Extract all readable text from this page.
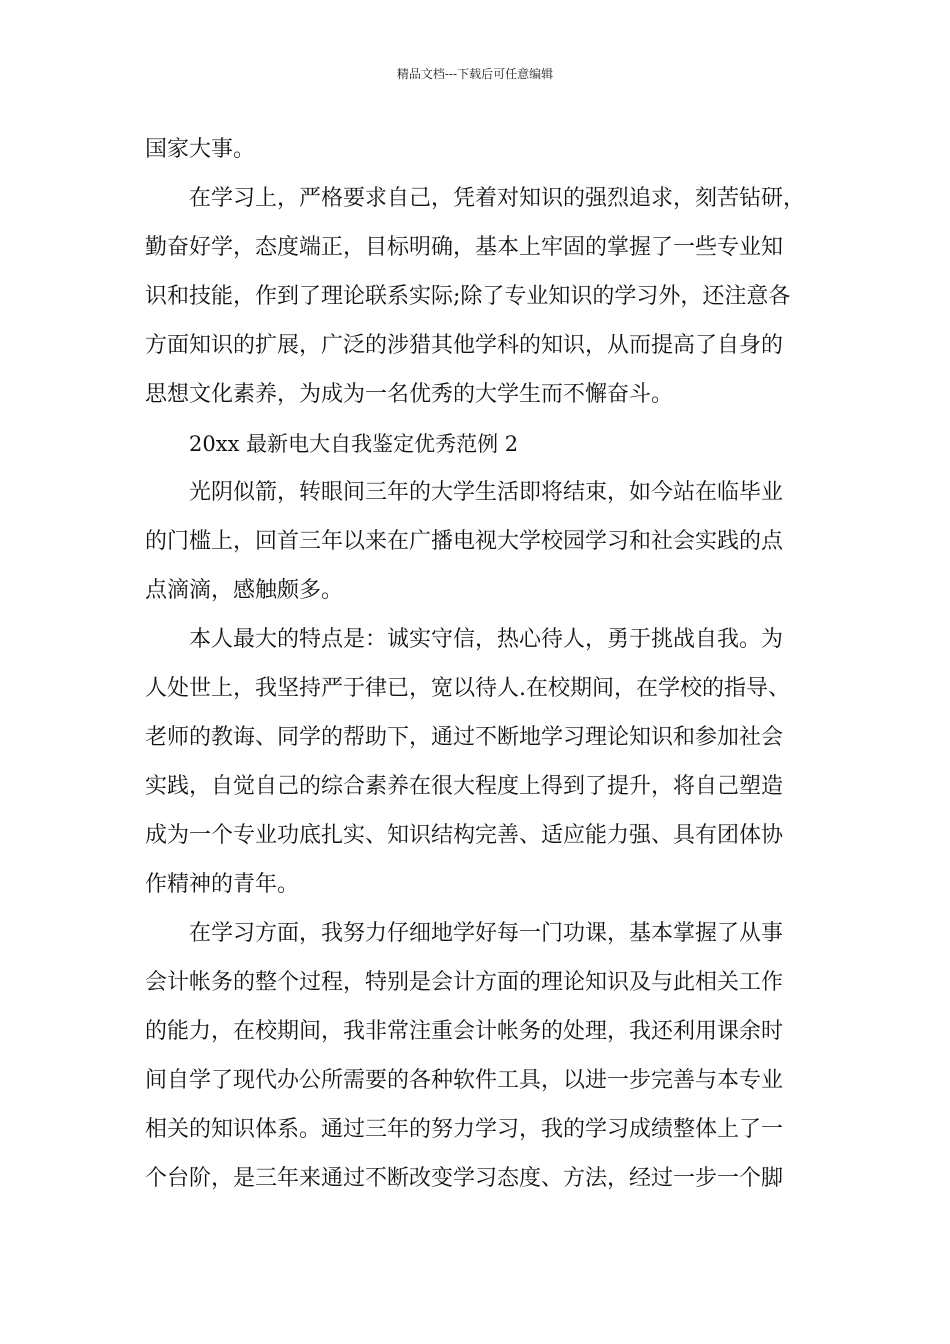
精品文档---下载后可任意编辑
国家大事。
在学习上，严格要求自己，凭着对知识的强烈追求，刻苦钻研，
勤奋好学，态度端正，目标明确，基本上牢固的掌握了一些专业知
识和技能，作到了理论联系实际;除了专业知识的学习外，还注意各
方面知识的扩展，广泛的涉猎其他学科的知识，从而提高了自身的
思想文化素养，为成为一名优秀的大学生而不懈奋斗。
20xx 最新电大自我鉴定优秀范例 2
光阴似箭，转眼间三年的大学生活即将结束，如今站在临毕业
的门槛上，回首三年以来在广播电视大学校园学习和社会实践的点
点滴滴，感触颇多。
本人最大的特点是：诚实守信，热心待人，勇于挑战自我。为
人处世上，我坚持严于律已，宽以待人.在校期间，在学校的指导、
老师的教诲、同学的帮助下，通过不断地学习理论知识和参加社会
实践，自觉自己的综合素养在很大程度上得到了提升，将自己塑造
成为一个专业功底扎实、知识结构完善、适应能力强、具有团体协
作精神的青年。
在学习方面，我努力仔细地学好每一门功课，基本掌握了从事
会计帐务的整个过程，特别是会计方面的理论知识及与此相关工作
的能力，在校期间，我非常注重会计帐务的处理，我还利用课余时
间自学了现代办公所需要的各种软件工具，以进一步完善与本专业
相关的知识体系。通过三年的努力学习，我的学习成绩整体上了一
个台阶，是三年来通过不断改变学习态度、方法，经过一步一个脚
